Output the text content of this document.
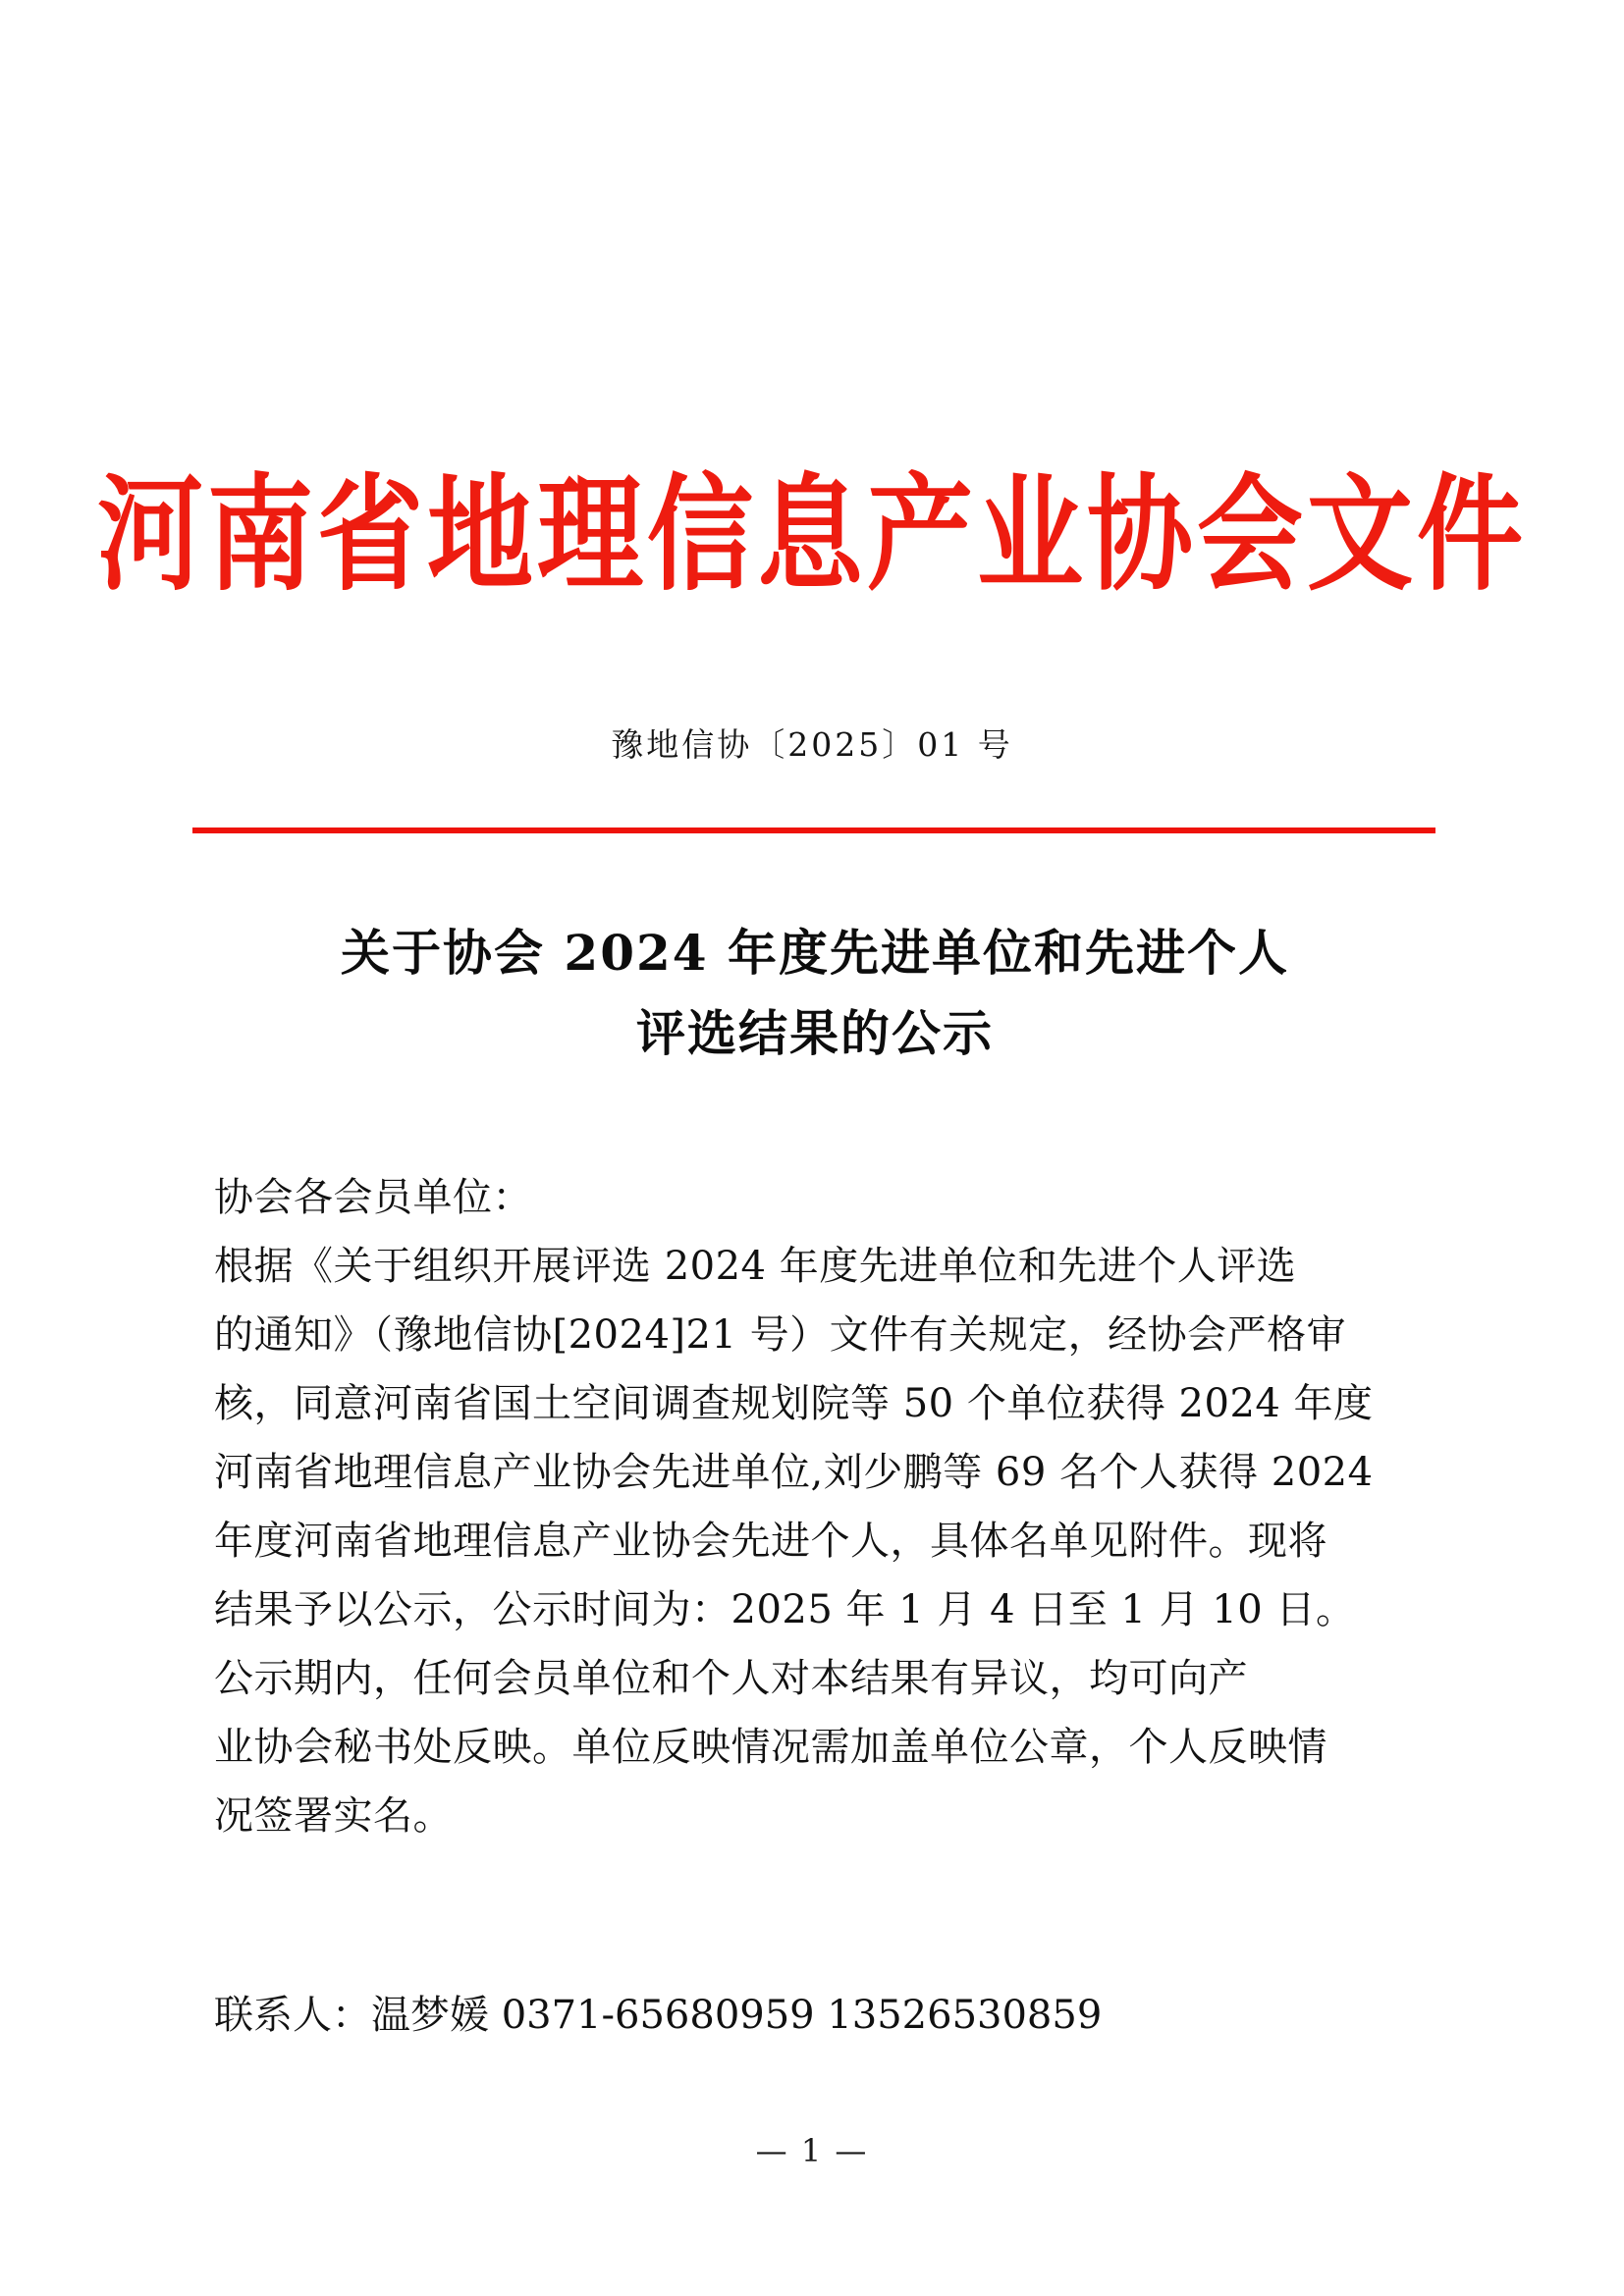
河南省地理信息产业协会文件
豫地信协〔2025〕01 号
关于协会 2024 年度先进单位和先进个人
评选结果的公示
协会各会员单位：
根据《关于组织开展评选 2024 年度先进单位和先进个人评选
的通知》（豫地信协[2024]21 号）文件有关规定，经协会严格审
核，同意河南省国土空间调查规划院等 50 个单位获得 2024 年度
河南省地理信息产业协会先进单位,刘少鹏等 69 名个人获得 2024
年度河南省地理信息产业协会先进个人，具体名单见附件。现将
结果予以公示，公示时间为：2025 年 1 月 4 日至 1 月 10 日。
公示期内，任何会员单位和个人对本结果有异议，均可向产
业协会秘书处反映。单位反映情况需加盖单位公章，个人反映情
况签署实名。
联系人：温梦媛 0371-65680959 13526530859
— 1 —
